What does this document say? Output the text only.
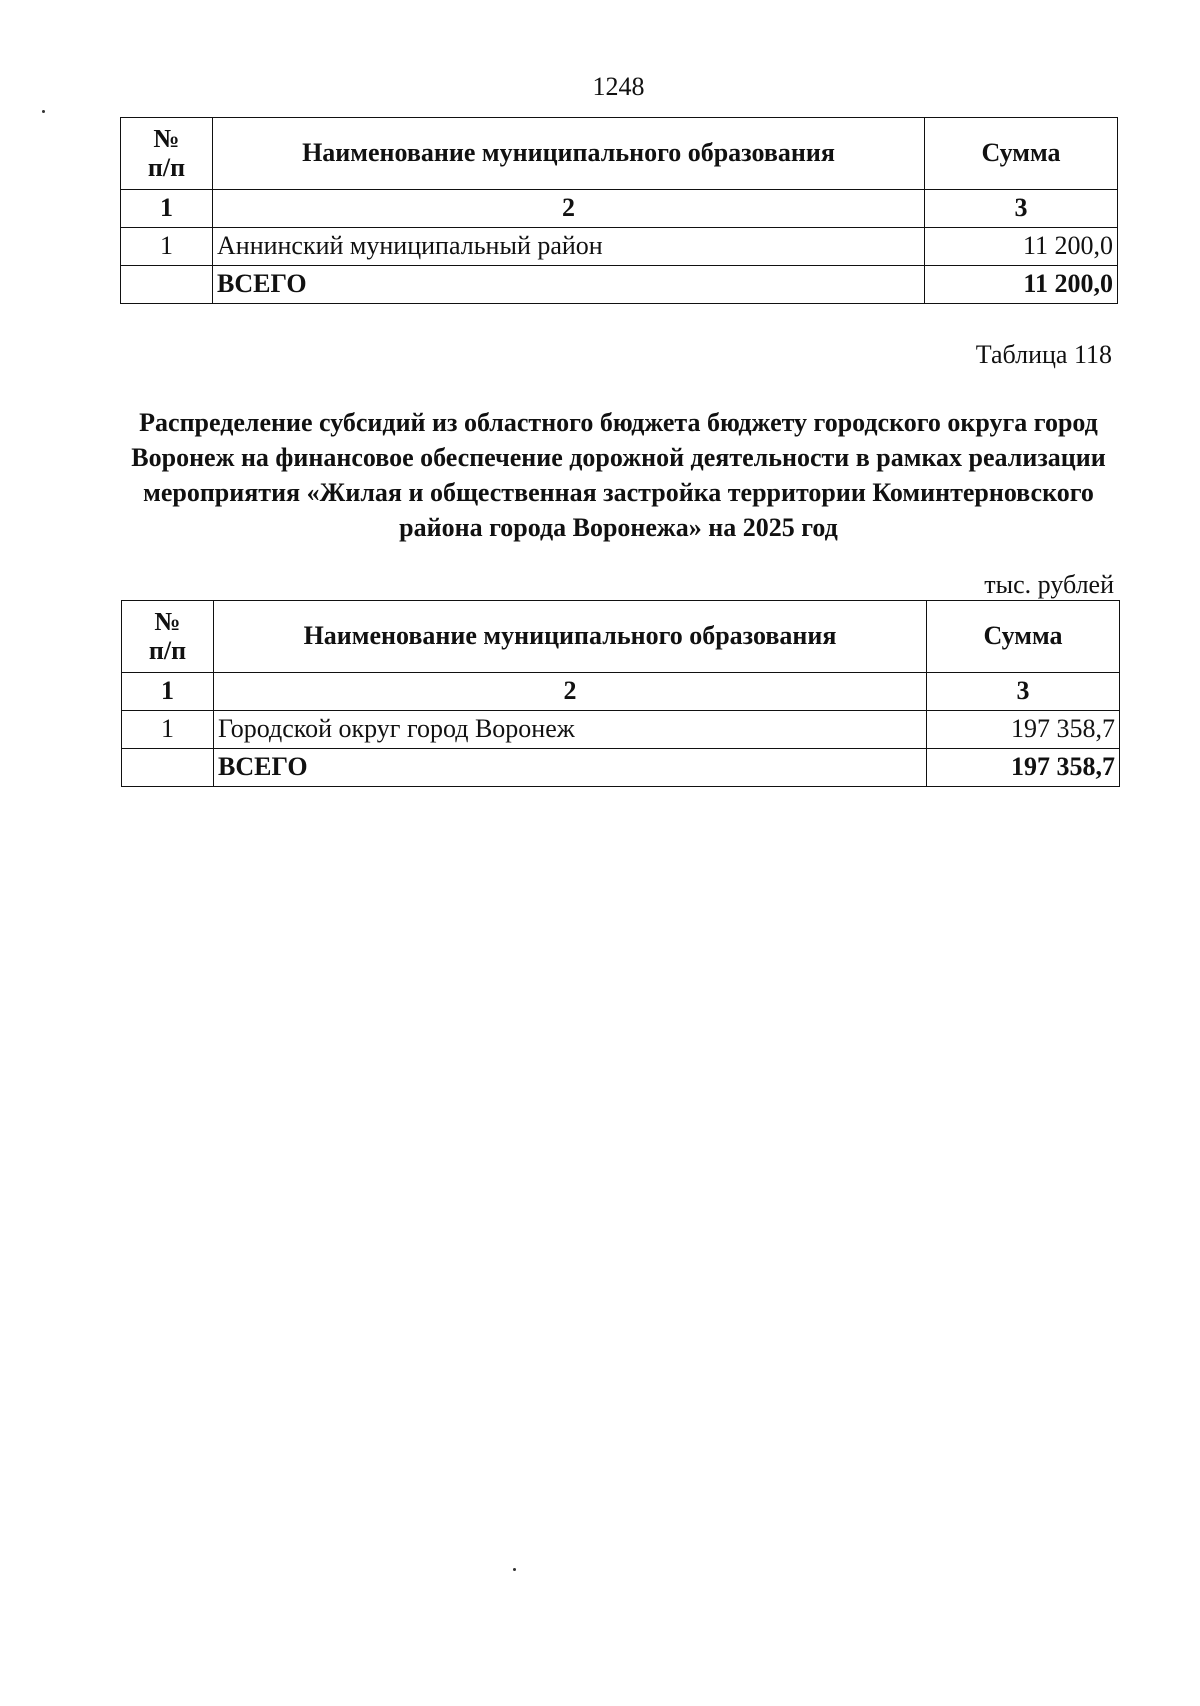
1248
№
п/п	Наименование муниципального образования	Сумма
1	2	3
1	Аннинский муниципальный район	11 200,0
	ВСЕГО	11 200,0
Таблица 118
Распределение субсидий из областного бюджета бюджету городского округа город Воронеж на финансовое обеспечение дорожной деятельности в рамках реализации мероприятия «Жилая и общественная застройка территории Коминтерновского района города Воронежа» на 2025 год
тыс. рублей
№
п/п	Наименование муниципального образования	Сумма
1	2	3
1	Городской округ город Воронеж	197 358,7
	ВСЕГО	197 358,7
